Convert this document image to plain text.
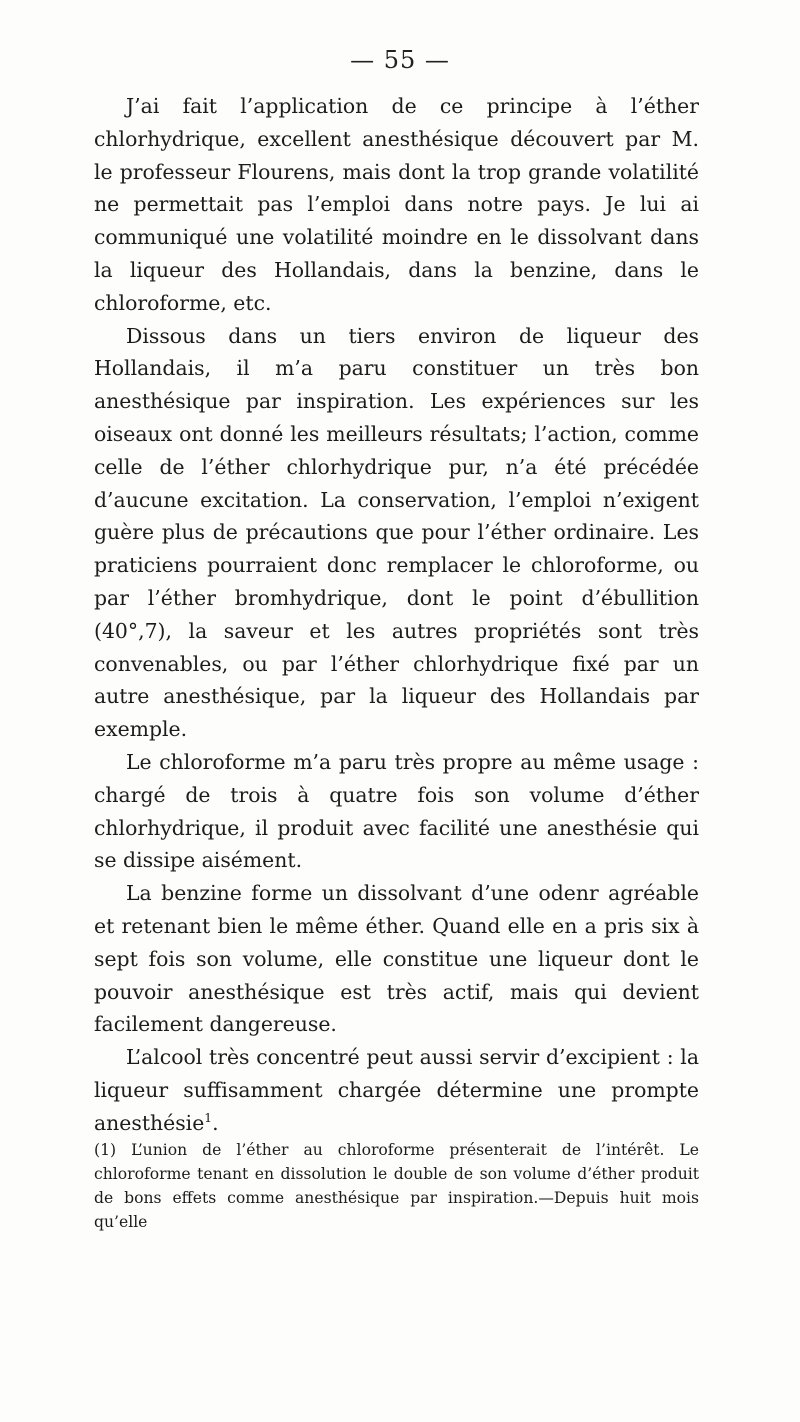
— 55 —

J’ai fait l’application de ce principe à l’éther chlorhydrique, excellent anesthésique découvert par M. le professeur Flourens, mais dont la trop grande volatilité ne permettait pas l’emploi dans notre pays. Je lui ai communiqué une volatilité moindre en le dissolvant dans la liqueur des Hollandais, dans la benzine, dans le chloroforme, etc.

Dissous dans un tiers environ de liqueur des Hollandais, il m’a paru constituer un très bon anesthésique par inspiration. Les expériences sur les oiseaux ont donné les meilleurs résultats; l’action, comme celle de l’éther chlorhydrique pur, n’a été précédée d’aucune excitation. La conservation, l’emploi n’exigent guère plus de précautions que pour l’éther ordinaire. Les praticiens pourraient donc remplacer le chloroforme, ou par l’éther bromhydrique, dont le point d’ébullition (40°,7), la saveur et les autres propriétés sont très convenables, ou par l’éther chlorhydrique fixé par un autre anesthésique, par la liqueur des Hollandais par exemple.

Le chloroforme m’a paru très propre au même usage : chargé de trois à quatre fois son volume d’éther chlorhydrique, il produit avec facilité une anesthésie qui se dissipe aisément.

La benzine forme un dissolvant d’une odenr agréable et retenant bien le même éther. Quand elle en a pris six à sept fois son volume, elle constitue une liqueur dont le pouvoir anesthésique est très actif, mais qui devient facilement dangereuse.

L’alcool très concentré peut aussi servir d’excipient : la liqueur suffisamment chargée détermine une prompte anesthésie$^1$.

(1) L’union de l’éther au chloroforme présenterait de l’intérêt. Le chloroforme tenant en dissolution le double de son volume d’éther produit de bons effets comme anesthésique par inspiration.—Depuis huit mois qu’elle
